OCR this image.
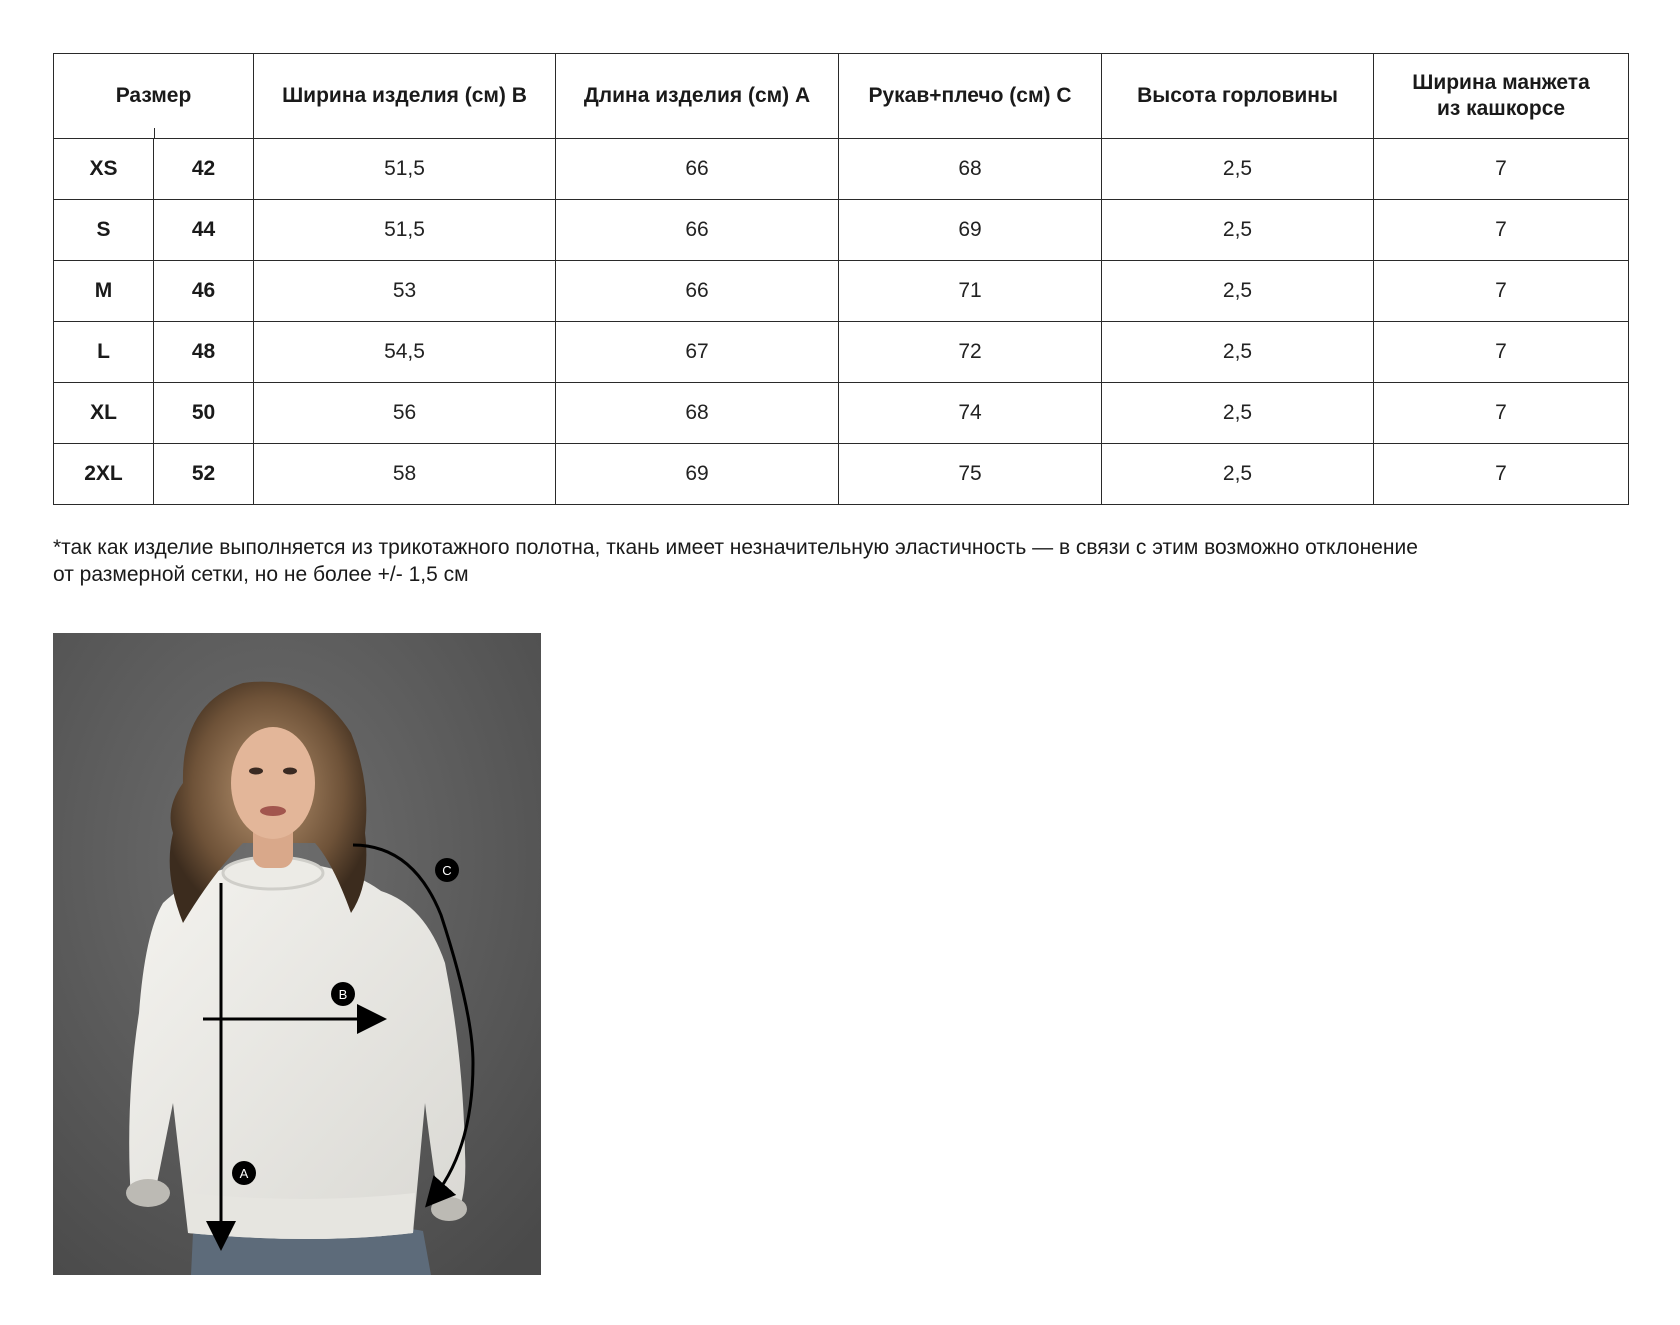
Размер		Ширина изделия (см) B	Длина изделия (см) A	Рукав+плечо (см) C	Высота горловины	Ширина манжета
из кашкорсе
XS	42	51,5	66	68	2,5	7
S	44	51,5	66	69	2,5	7
M	46	53	66	71	2,5	7
L	48	54,5	67	72	2,5	7
XL	50	56	68	74	2,5	7
2XL	52	58	69	75	2,5	7

*так как изделие выполняется из трикотажного полотна, ткань имеет незначительную эластичность — в связи с этим возможно отклонение
от размерной сетки, но не более +/- 1,5 см

A
B
C
